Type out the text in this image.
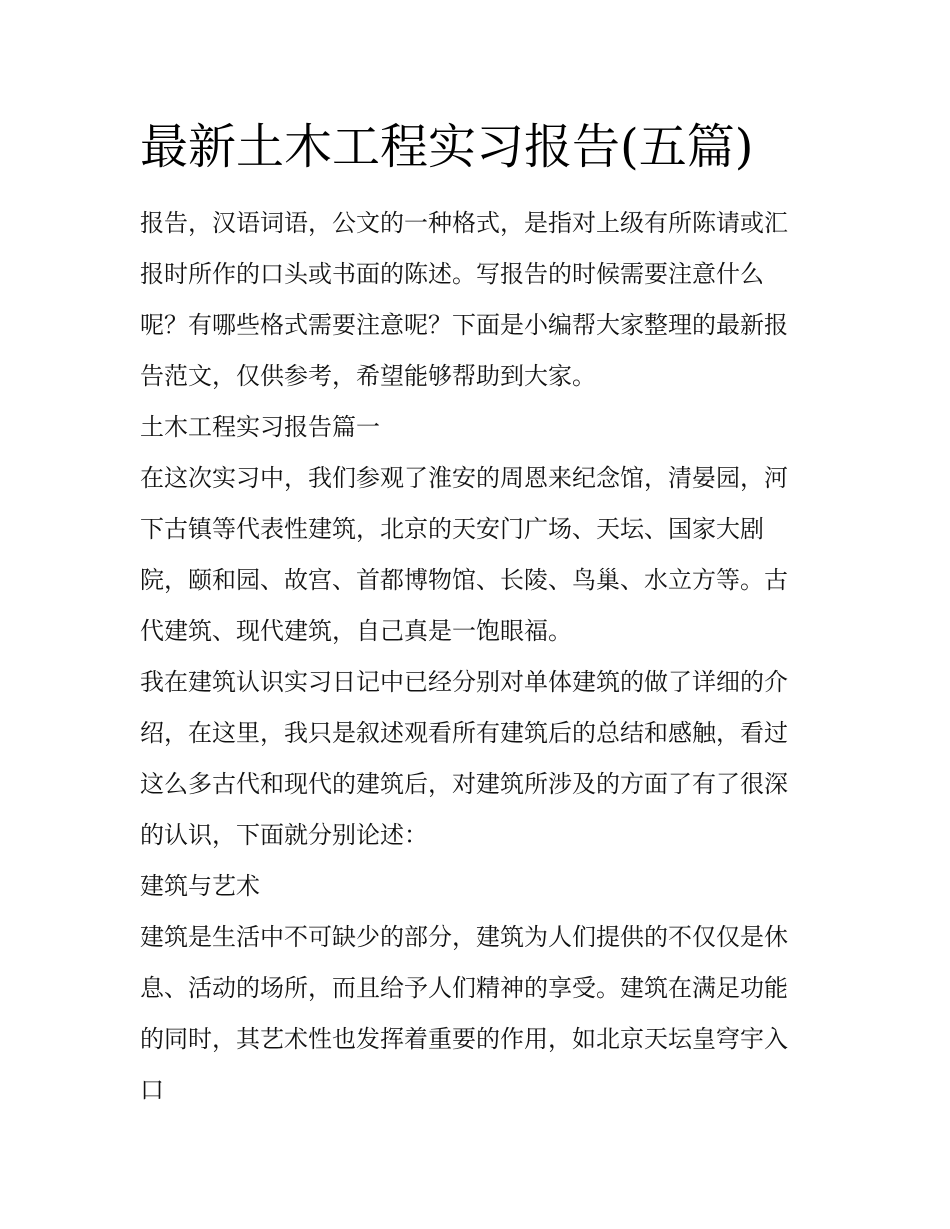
最新土木工程实习报告(五篇)
报告，汉语词语，公文的一种格式，是指对上级有所陈请或汇
报时所作的口头或书面的陈述。写报告的时候需要注意什么
呢？有哪些格式需要注意呢？下面是小编帮大家整理的最新报
告范文，仅供参考，希望能够帮助到大家。
土木工程实习报告篇一
在这次实习中，我们参观了淮安的周恩来纪念馆，清晏园，河
下古镇等代表性建筑，北京的天安门广场、天坛、国家大剧
院，颐和园、故宫、首都博物馆、长陵、鸟巢、水立方等。古
代建筑、现代建筑，自己真是一饱眼福。
我在建筑认识实习日记中已经分别对单体建筑的做了详细的介
绍，在这里，我只是叙述观看所有建筑后的总结和感触，看过
这么多古代和现代的建筑后，对建筑所涉及的方面了有了很深
的认识，下面就分别论述：
建筑与艺术
建筑是生活中不可缺少的部分，建筑为人们提供的不仅仅是休
息、活动的场所，而且给予人们精神的享受。建筑在满足功能
的同时，其艺术性也发挥着重要的作用，如北京天坛皇穹宇入
口
